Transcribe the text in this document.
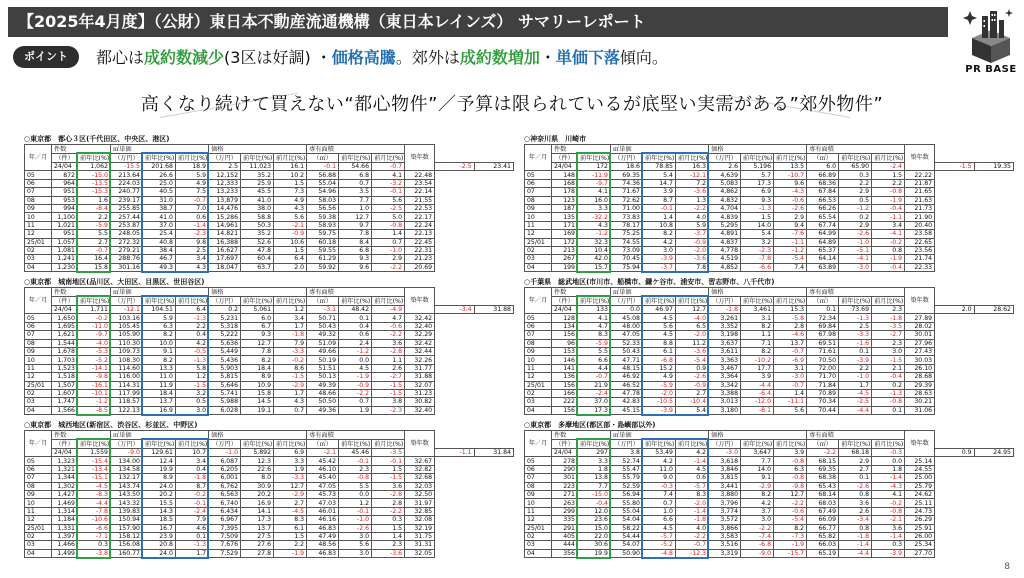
【2025年4月度】（公財）東日本不動産流通機構（東日本レインズ） サマリーレポート
PR BASE
ポイント	都心は成約数減少(3区は好調) ・価格高騰。郊外は成約数増加・単価下落傾向。
高くなり続けて買えない“都心物件”／予算は限られているが底堅い実需がある”郊外物件”
○東京都　都心３区(千代田区、中央区、港区)
年／月	件数		㎡単価			価格			専有面積			築年数		
	（件）	前年比(%)	（万円）	前年比(%)	前月比(%)	（万円）	前年比(%)	前月比(%)	（㎡）	前年比(%)	前月比(%)			
	24/04	1,062	-15.5	201.68	18.9	2.5	11,023	16.1	-0.1	54.66	-0.7		-2.5	23.41
05	872	-15.0	213.64	26.6	5.9	12,152	35.2	10.2	56.88	6.8	4.1	22.48		
06	964	-13.5	224.03	25.0	4.9	12,333	25.9	1.5	55.04	0.7	-3.2	23.54		
07	951	-15.3	240.77	40.5	7.5	13,233	45.5	7.3	54.96	3.5	-0.1	22.14		
08	953	1.6	239.17	31.0	-0.7	13,879	41.0	4.9	58.03	7.7	5.6	21.55		
09	994	-8.4	255.85	38.7	7.0	14,476	38.0	4.3	56.56	1.0	-2.5	22.53		
10	1,100	2.2	257.44	41.0	0.6	15,286	58.8	5.6	59.38	12.7	5.0	22.17		
11	1,021	-5.9	253.87	37.0	-1.4	14,961	50.3	-2.1	58.93	9.7	-0.8	22.24		
12	951	5.5	248.05	25.4	-2.3	14,821	35.2	-0.9	59.75	7.8	1.4	22.13		
25/01	1,057	2.7	272.32	40.8	9.8	16,388	52.6	10.6	60.18	8.4	0.7	22.45		
02	1,081	-0.7	279.21	38.4	2.5	16,627	47.8	1.5	59.55	6.8	-1.0	22.31		
03	1,241	16.4	288.76	46.7	3.4	17,697	60.4	6.4	61.29	9.3	2.9	21.23		
04	1,230	15.8	301.16	49.3	4.3	18,047	63.7	2.0	59.92	9.6	-2.2	20.69		
○神奈川県　川崎市
年／月	件数		㎡単価			価格			専有面積			築年数		
	（件）	前年比(%)	（万円）	前年比(%)	前月比(%)	（万円）	前年比(%)	前月比(%)	（㎡）	前年比(%)	前月比(%)			
	24/04	172	18.6	78.85	16.3	2.6	5,196	13.5	6.0	65.90	-2.4		-1.5	19.35
05	148	-11.9	69.35	5.4	-12.1	4,639	5.7	-10.7	66.89	0.3	1.5	22.22		
06	168	-9.7	74.36	14.7	7.2	5,083	17.3	9.6	68.36	2.2	2.2	21.87		
07	178	4.1	71.67	3.9	-3.6	4,862	6.9	-4.3	67.84	2.9	-0.8	21.65		
08	123	16.0	72.62	8.7	1.3	4,832	9.3	-0.6	66.53	0.5	-1.9	21.63		
09	187	3.3	71.00	-0.1	-2.2	4,704	-1.3	-2.6	66.26	-1.2	-0.4	21.73		
10	135	-32.2	73.83	1.4	4.0	4,839	1.5	2.9	65.54	0.2	-1.1	21.90		
11	171	4.3	78.17	10.8	5.9	5,295	14.0	9.4	67.74	2.9	3.4	20.40		
12	169	-1.2	75.25	8.2	-3.7	4,891	5.4	-7.6	64.99	-2.6	-4.1	23.58		
25/01	172	32.3	74.55	4.2	-0.9	4,837	3.2	-1.1	64.89	-1.0	-0.2	22.65		
02	213	10.4	73.09	3.0	-2.0	4,778	-2.3	-1.2	65.37	-5.1	0.8	23.56		
03	267	42.0	70.45	-3.9	-3.6	4,519	-7.8	-5.4	64.14	-4.1	-1.9	21.74		
04	199	15.7	75.94	-3.7	7.8	4,852	-6.6	7.4	63.89	-3.0	-0.4	22.33		
○東京都　城南地区(品川区、大田区、目黒区、世田谷区)
年／月	件数		㎡単価			価格			専有面積			築年数		
	（件）	前年比(%)	（万円）	前年比(%)	前月比(%)	（万円）	前年比(%)	前月比(%)	（㎡）	前年比(%)	前月比(%)			
	24/04	1,711	-12.1	104.51	6.4	0.2	5,061	1.2	-3.1	48.42	-4.9		-3.4	31.88
05	1,650	-0.2	103.16	5.9	-1.3	5,231	6.0	3.4	50.71	0.1	4.7	32.42		
06	1,695	-11.0	105.45	6.3	2.2	5,318	6.7	1.7	50.43	0.4	-0.6	32.40		
07	1,621	-9.7	105.90	8.2	0.4	5,222	9.3	-1.8	49.32	0.6	-2.2	32.29		
08	1,544	-4.0	110.30	10.0	4.2	5,636	12.7	7.9	51.09	2.4	3.6	32.42		
09	1,678	-5.3	109.73	9.1	-0.5	5,449	7.8	-3.3	49.66	-1.2	-2.8	32.44		
10	1,703	-5.2	108.30	8.2	-1.3	5,436	8.2	-0.2	50.19	0.0	1.1	32.26		
11	1,523	-14.1	114.60	13.3	5.8	5,903	18.4	8.6	51.51	4.5	2.6	31.77		
12	1,518	-9.8	116.00	11.0	1.2	5,815	8.9	-1.5	50.13	-1.9	-2.7	31.88		
25/01	1,507	-16.1	114.31	11.9	-1.5	5,646	10.9	-2.9	49.39	-0.9	-1.5	32.07		
02	1,607	-10.1	117.99	18.4	3.2	5,741	15.8	1.7	48.66	-2.2	-1.5	31.23		
03	1,747	-1.2	118.57	13.7	0.5	5,988	14.5	4.3	50.50	0.7	3.8	30.82		
04	1,566	-8.5	122.13	16.9	3.0	6,028	19.1	0.7	49.36	1.9	-2.3	32.40		
○千葉県　総武地区(市川市、船橋市、鎌ケ谷市、浦安市、習志野市、八千代市)
年／月	件数		㎡単価			価格			専有面積			築年数		
	（件）	前年比(%)	（万円）	前年比(%)	前月比(%)	（万円）	前年比(%)	前月比(%)	（㎡）	前年比(%)	前月比(%)			
	24/04	133	0.0	46.97	12.7	-1.8	3,461	15.3	0.1	73.69	2.3		2.0	28.62
05	128	4.1	45.08	4.5	-4.0	3,261	3.1	-5.8	72.34	-1.3	-1.8	27.89		
06	134	4.7	48.00	5.6	6.5	3,352	8.2	2.8	69.84	2.5	-3.5	28.02		
07	156	8.3	47.05	4.5	-2.0	3,198	1.1	-4.6	67.98	-3.3	-2.7	30.01		
08	96	-5.9	52.33	8.8	11.2	3,637	7.1	13.7	69.51	-1.6	2.3	27.96		
09	153	5.5	50.43	6.1	-3.6	3,611	8.2	-0.7	71.61	0.1	3.0	27.43		
10	146	6.6	47.71	-6.8	-5.4	3,363	-10.2	-6.9	70.50	-3.9	-1.5	30.03		
11	141	4.4	48.15	15.2	0.9	3,467	17.7	3.1	72.00	2.2	2.1	26.10		
12	136	-0.7	46.92	4.9	-2.6	3,364	3.9	-3.0	71.70	-1.0	-0.4	28.68		
25/01	156	21.9	46.52	-5.9	-0.9	3,342	-4.4	-0.7	71.84	1.7	0.2	29.39		
02	166	-2.4	47.78	-2.0	2.7	3,388	-6.4	1.4	70.89	-4.5	-1.3	28.63		
03	222	37.0	42.83	-10.5	-10.4	3,013	-12.0	-11.1	70.34	-2.5	-0.8	30.21		
04	156	17.3	45.15	-3.9	5.4	3,180	-8.1	5.6	70.44	-4.4	0.1	31.06		
○東京都　城西地区(新宿区、渋谷区、杉並区、中野区)
年／月	件数		㎡単価			価格			専有面積			築年数		
	（件）	前年比(%)	（万円）	前年比(%)	前月比(%)	（万円）	前年比(%)	前月比(%)	（㎡）	前年比(%)	前月比(%)			
	24/04	1,559	-9.0	129.61	10.7	-1.0	5,892	6.9	-2.1	45.46	-3.5		-1.1	31.84
05	1,323	-15.4	134.00	12.4	3.4	6,087	12.3	3.3	45.42	-0.1	-0.1	32.67		
06	1,321	-13.4	134.58	19.9	0.4	6,205	22.6	1.9	46.10	2.3	1.5	32.82		
07	1,344	-15.1	132.17	8.9	-1.8	6,001	8.0	-3.3	45.40	-0.8	-1.5	32.68		
08	1,302	-4.5	143.74	24.0	8.7	6,762	30.9	12.7	47.05	5.5	3.6	32.03		
09	1,427	-8.3	143.50	20.2	-0.2	6,563	20.2	-2.9	45.73	0.0	-2.8	32.50		
10	1,469	-4.4	143.32	15.5	-0.1	6,740	16.9	2.7	47.03	1.2	2.8	31.97		
11	1,314	-7.8	139.83	14.3	-2.4	6,434	14.1	-4.5	46.01	-0.1	-2.2	32.85		
12	1,184	-10.6	150.94	18.5	7.9	6,967	17.3	8.3	46.16	-1.0	0.3	32.08		
25/01	1,331	-6.6	157.90	16.7	4.6	7,395	13.7	6.1	46.83	-2.6	1.5	32.19		
02	1,397	-7.1	158.12	23.9	0.1	7,509	27.5	1.5	47.49	3.0	1.4	31.75		
03	1,466	0.3	156.08	20.8	-1.3	7,676	27.6	2.2	48.56	5.6	2.3	31.31		
04	1,499	-3.8	160.77	24.0	1.7	7,529	27.8	-1.9	46.83	3.0	-3.6	32.05		
○東京都　多摩地区(都区部・島嶼部以外)
年／月	件数		㎡単価			価格			専有面積			築年数		
	（件）	前年比(%)	（万円）	前年比(%)	前月比(%)	（万円）	前年比(%)	前月比(%)	（㎡）	前年比(%)	前月比(%)			
	24/04	297	3.8	53.49	4.2	-3.0	3,647	3.9	-2.2	68.18	-0.3		0.9	24.95
05	278	3.3	52.74	4.2	-1.4	3,618	7.7	-0.8	68.15	2.9	0.0	25.14		
06	290	1.8	55.47	11.0	4.5	3,846	14.0	6.3	69.35	2.7	1.8	24.55		
07	301	13.8	55.79	9.0	0.6	3,815	9.1	-0.8	68.38	0.1	-1.4	25.00		
08	223	7.7	52.59	-0.3	-5.7	3,441	-2.9	-9.8	65.43	-2.6	-4.3	25.79		
09	271	-15.0	56.94	7.4	8.3	3,880	8.2	12.7	68.14	0.8	4.1	24.62		
10	263	-0.4	55.80	0.7	-2.0	3,796	4.2	-2.2	68.03	3.6	-0.2	25.11		
11	299	12.0	55.04	1.0	-1.4	3,774	3.7	-0.6	67.49	2.6	-0.8	24.73		
12	335	23.6	54.04	6.6	-1.8	3,572	3.0	-5.4	66.09	-3.4	-2.1	26.29		
25/01	291	15.0	58.22	4.5	4.0	3,866	-2.2	8.2	66.77	0.8	3.6	25.91		
02	405	22.0	54.44	-5.7	-2.2	3,583	-7.4	-7.3	65.82	-1.8	-1.4	26.00		
03	444	30.6	54.07	-5.2	-0.7	3,516	-6.8	-1.9	66.03	-1.4	0.3	25.34		
04	356	19.9	50.90	-4.8	-12.3	3,319	-9.0	-15.7	65.19	-4.4	-3.9	27.70		
8
